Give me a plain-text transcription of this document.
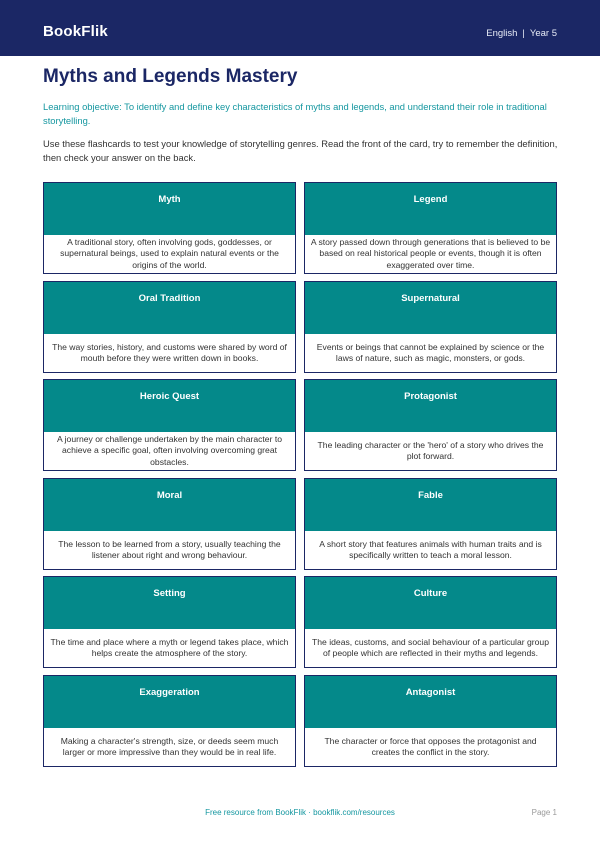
BookFlik	English | Year 5
Myths and Legends Mastery

Learning objective: To identify and define key characteristics of myths and legends, and understand their role in traditional storytelling.

Use these flashcards to test your knowledge of storytelling genres. Read the front of the card, try to remember the definition, then check your answer on the back.

Myth
A traditional story, often involving gods, goddesses, or supernatural beings, used to explain natural events or the origins of the world.
Legend
A story passed down through generations that is believed to be based on real historical people or events, though it is often exaggerated over time.
Oral Tradition
The way stories, history, and customs were shared by word of mouth before they were written down in books.
Supernatural
Events or beings that cannot be explained by science or the laws of nature, such as magic, monsters, or gods.
Heroic Quest
A journey or challenge undertaken by the main character to achieve a specific goal, often involving overcoming great obstacles.
Protagonist
The leading character or the 'hero' of a story who drives the plot forward.
Moral
The lesson to be learned from a story, usually teaching the listener about right and wrong behaviour.
Fable
A short story that features animals with human traits and is specifically written to teach a moral lesson.
Setting
The time and place where a myth or legend takes place, which helps create the atmosphere of the story.
Culture
The ideas, customs, and social behaviour of a particular group of people which are reflected in their myths and legends.
Exaggeration
Making a character's strength, size, or deeds seem much larger or more impressive than they would be in real life.
Antagonist
The character or force that opposes the protagonist and creates the conflict in the story.
Free resource from BookFlik · bookflik.com/resources	Page 1
